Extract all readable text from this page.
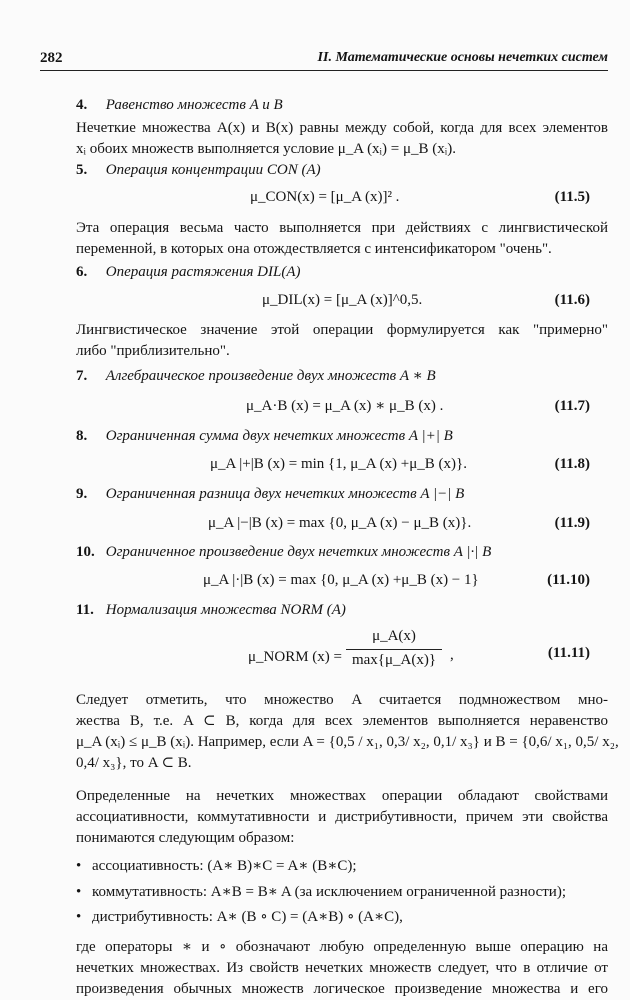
282	II. Математические основы нечетких систем
4. Равенство множеств A и B
Нечеткие множества A(x) и B(x) равны между собой, когда для всех элементов
xᵢ обоих множеств выполняется условие μ_A (xᵢ) = μ_B (xᵢ).
5. Операция концентрации CON (A)
μ_CON(x) = [μ_A (x)]² .	(11.5)
Эта операция весьма часто выполняется при действиях с лингвистической
переменной, в которых она отождествляется с интенсификатором "очень".
6. Операция растяжения DIL(A)
μ_DIL(x) = [μ_A (x)]^0,5.	(11.6)
Лингвистическое значение этой операции формулируется как "примерно"
либо "приблизительно".
7. Алгебраическое произведение двух множеств A ∗ B
μ_A·B (x) = μ_A (x) ∗ μ_B (x) .	(11.7)
8. Ограниченная сумма двух нечетких множеств A |+| B
μ_A |+|B (x) = min {1, μ_A (x) +μ_B (x)}.	(11.8)
9. Ограниченная разница двух нечетких множеств A |−| B
μ_A |−|B (x) = max {0, μ_A (x) − μ_B (x)}.	(11.9)
10. Ограниченное произведение двух нечетких множеств A |·| B
μ_A |·|B (x) = max {0, μ_A (x) +μ_B (x) − 1}	(11.10)
11. Нормализация множества NORM (A)
μ_NORM (x) =
μ_A(x)
max{μ_A(x)} ,	(11.11)
Следует отметить, что множество A считается подмножеством мно-
жества B, т.е. A ⊂ B, когда для всех элементов выполняется неравенство
μ_A (xᵢ) ≤ μ_B (xᵢ). Например, если A = {0,5 / x₁, 0,3/ x₂, 0,1/ x₃} и B = {0,6/ x₁, 0,5/ x₂,
0,4/ x₃}, то A ⊂ B.
Определенные на нечетких множествах операции обладают свойствами
ассоциативности, коммутативности и дистрибутивности, причем эти свойства
понимаются следующим образом:
• ассоциативность: (A∗ B)∗C = A∗ (B∗C);
• коммутативность: A∗B = B∗ A (за исключением ограниченной разности);
• дистрибутивность: A∗ (B ∘ C) = (A∗B) ∘ (A∗C),
где операторы ∗ и ∘ обозначают любую определенную выше операцию на
нечетких множествах. Из свойств нечетких множеств следует, что в отличие от
произведения обычных множеств логическое произведение множества и его
